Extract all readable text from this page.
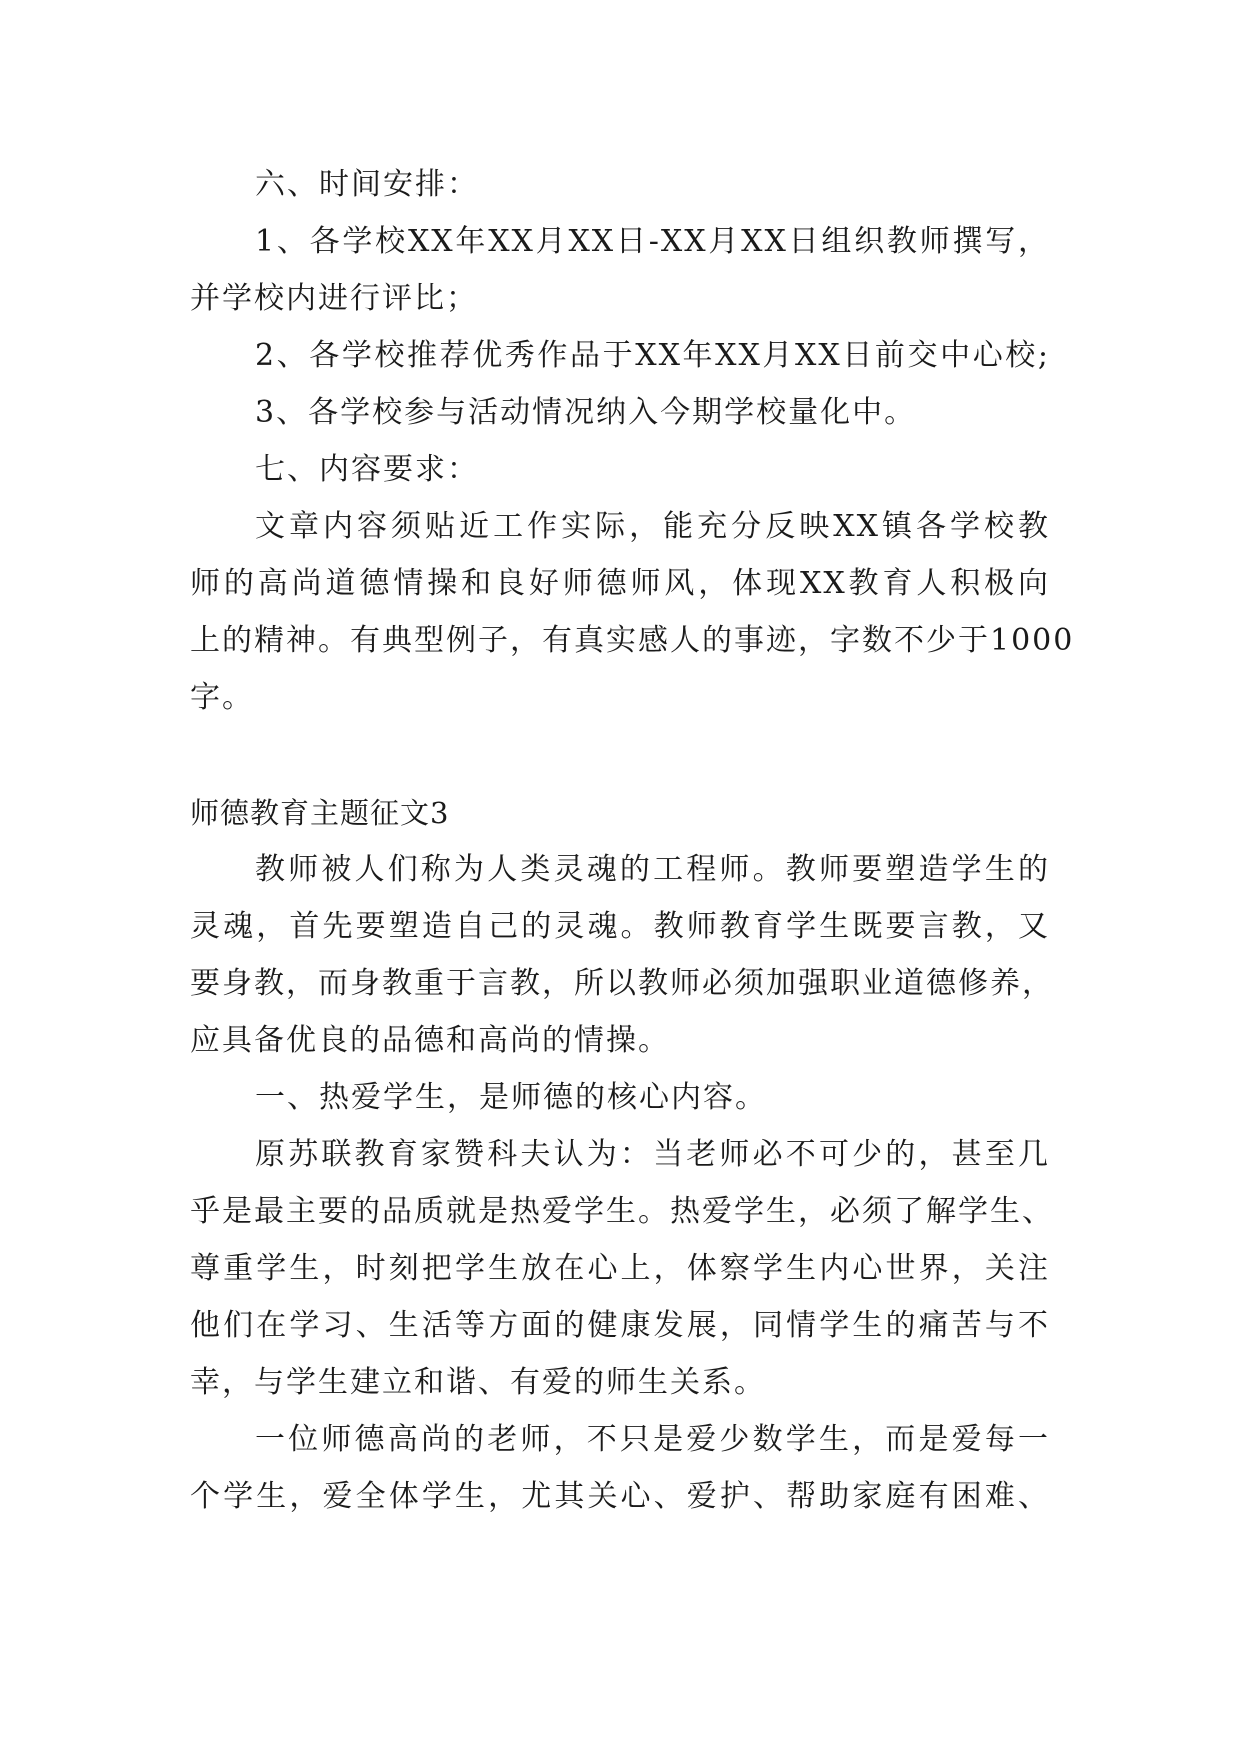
六、时间安排：
1、各学校XX年XX月XX日-XX月XX日组织教师撰写，
并学校内进行评比；
2、各学校推荐优秀作品于XX年XX月XX日前交中心校;
3、各学校参与活动情况纳入今期学校量化中。
七、内容要求：
文章内容须贴近工作实际，能充分反映XX镇各学校教
师的高尚道德情操和良好师德师风，体现XX教育人积极向
上的精神。有典型例子，有真实感人的事迹，字数不少于1000
字。
师德教育主题征文3
教师被人们称为人类灵魂的工程师。教师要塑造学生的
灵魂，首先要塑造自己的灵魂。教师教育学生既要言教，又
要身教，而身教重于言教，所以教师必须加强职业道德修养，
应具备优良的品德和高尚的情操。
一、热爱学生，是师德的核心内容。
原苏联教育家赞科夫认为：当老师必不可少的，甚至几
乎是最主要的品质就是热爱学生。热爱学生，必须了解学生、
尊重学生，时刻把学生放在心上，体察学生内心世界，关注
他们在学习、生活等方面的健康发展，同情学生的痛苦与不
幸，与学生建立和谐、有爱的师生关系。
一位师德高尚的老师，不只是爱少数学生，而是爱每一
个学生，爱全体学生，尤其关心、爱护、帮助家庭有困难、
